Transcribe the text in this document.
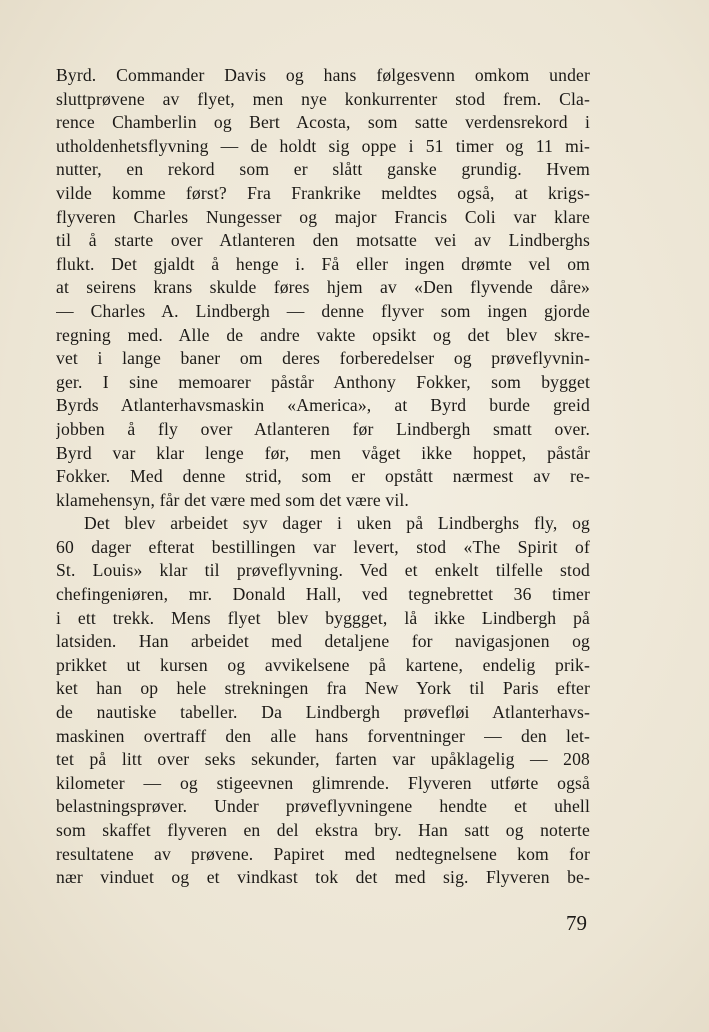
Byrd. Commander Davis og hans følgesvenn omkom under
sluttprøvene av flyet, men nye konkurrenter stod frem. Cla-
rence Chamberlin og Bert Acosta, som satte verdensrekord i
utholdenhetsflyvning — de holdt sig oppe i 51 timer og 11 mi-
nutter, en rekord som er slått ganske grundig. Hvem
vilde komme først? Fra Frankrike meldtes også, at krigs-
flyveren Charles Nungesser og major Francis Coli var klare
til å starte over Atlanteren den motsatte vei av Lindberghs
flukt. Det gjaldt å henge i. Få eller ingen drømte vel om
at seirens krans skulde føres hjem av «Den flyvende dåre»
— Charles A. Lindbergh — denne flyver som ingen gjorde
regning med. Alle de andre vakte opsikt og det blev skre-
vet i lange baner om deres forberedelser og prøveflyvnin-
ger. I sine memoarer påstår Anthony Fokker, som bygget
Byrds Atlanterhavsmaskin «America», at Byrd burde greid
jobben å fly over Atlanteren før Lindbergh smatt over.
Byrd var klar lenge før, men våget ikke hoppet, påstår
Fokker. Med denne strid, som er opstått nærmest av re-
klamehensyn, får det være med som det være vil.
Det blev arbeidet syv dager i uken på Lindberghs fly, og
60 dager efterat bestillingen var levert, stod «The Spirit of
St. Louis» klar til prøveflyvning. Ved et enkelt tilfelle stod
chefingeniøren, mr. Donald Hall, ved tegnebrettet 36 timer
i ett trekk. Mens flyet blev byggget, lå ikke Lindbergh på
latsiden. Han arbeidet med detaljene for navigasjonen og
prikket ut kursen og avvikelsene på kartene, endelig prik-
ket han op hele strekningen fra New York til Paris efter
de nautiske tabeller. Da Lindbergh prøvefløi Atlanterhavs-
maskinen overtraff den alle hans forventninger — den let-
tet på litt over seks sekunder, farten var upåklagelig — 208
kilometer — og stigeevnen glimrende. Flyveren utførte også
belastningsprøver. Under prøveflyvningene hendte et uhell
som skaffet flyveren en del ekstra bry. Han satt og noterte
resultatene av prøvene. Papiret med nedtegnelsene kom for
nær vinduet og et vindkast tok det med sig. Flyveren be-
79
